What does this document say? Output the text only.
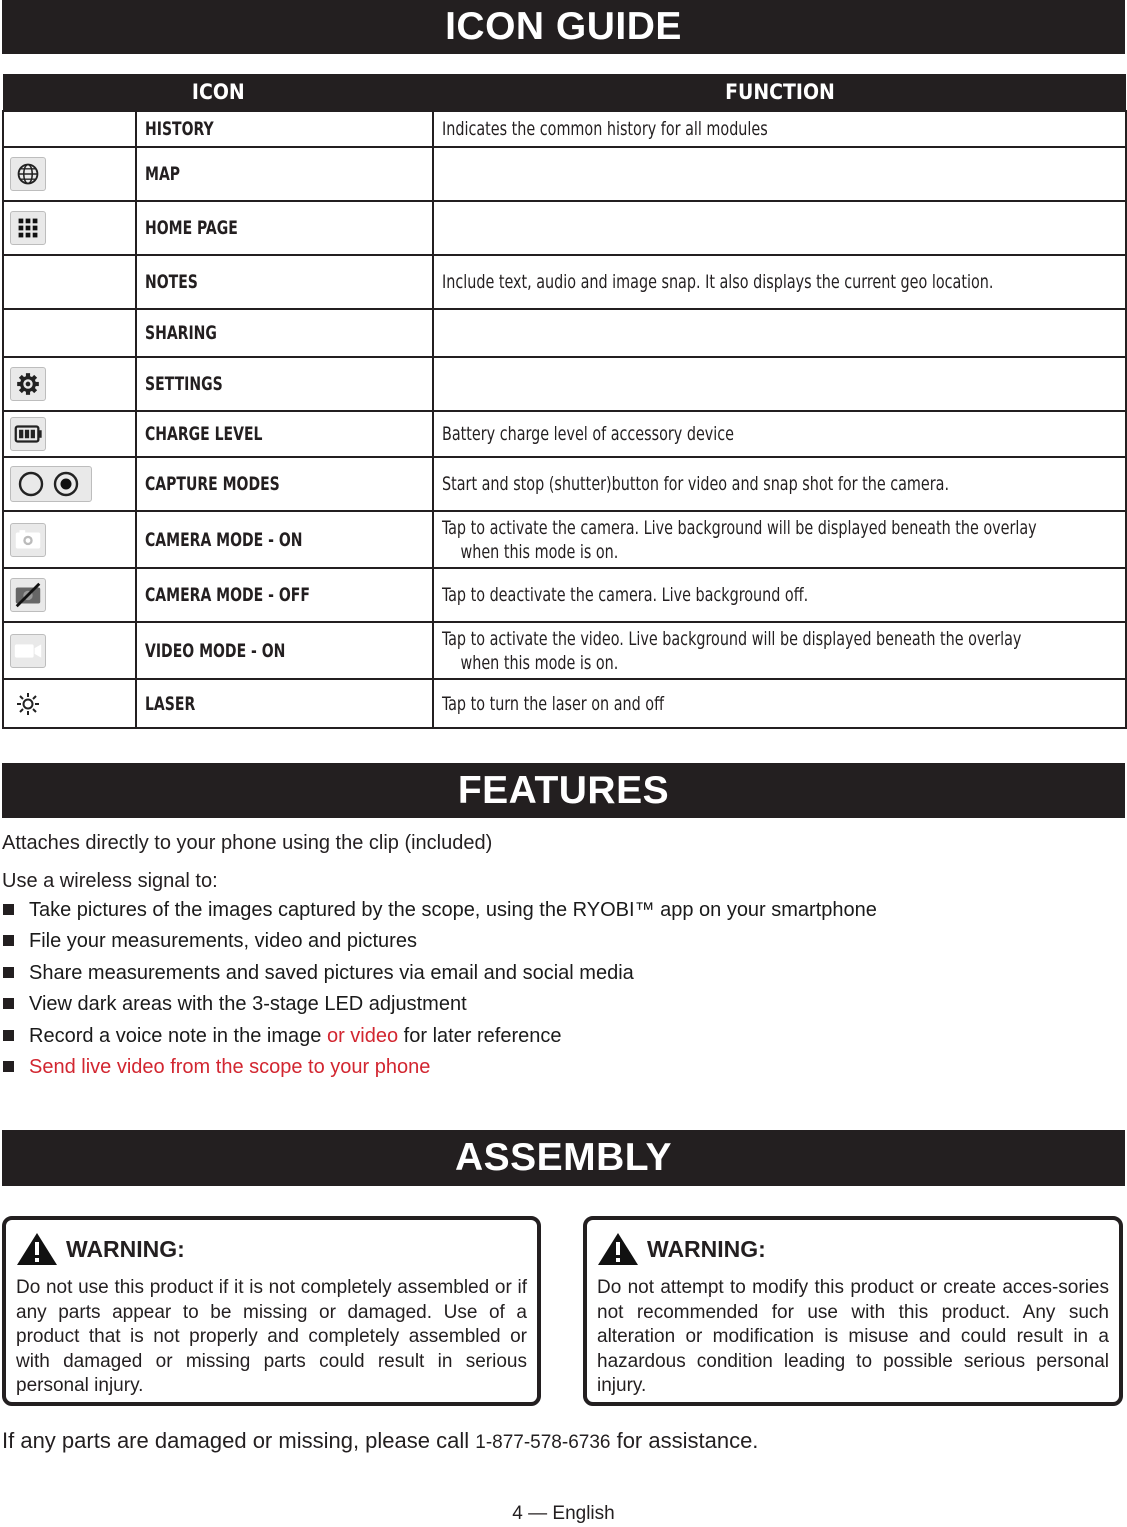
ICON GUIDE
ICON		FUNCTION
	HISTORY	Indicates the common history for all modules

	MAP	

	HOME PAGE	
	NOTES	Include text, audio and image snap. It also displays the current geo location.

	SHARING	

	SETTINGS	

	CHARGE LEVEL	Battery charge level of accessory device

	CAPTURE MODES	Start and stop (shutter)button for video and snap shot for the camera.

	CAMERA MODE - ON	Tap to activate the camera. Live background will be displayed beneath the overlay
when this mode is on.

	CAMERA MODE - OFF	Tap to deactivate the camera. Live background off.

	VIDEO MODE - ON	Tap to activate the video. Live background will be displayed beneath the overlay
when this mode is on.

	LASER	Tap to turn the laser on and off
FEATURES
Attaches directly to your phone using the clip (included)
Use a wireless signal to:
Take pictures of the images captured by the scope, using the RYOBI™ app on your smartphone
File your measurements, video and pictures
Share measurements and saved pictures via email and social media
View dark areas with the 3-stage LED adjustment
Record a voice note in the image or video for later reference
Send live video from the scope to your phone
ASSEMBLY
WARNING:
Do not use this product if it is not completely assembled or if any parts appear to be missing or damaged. Use of a product that is not properly and completely assembled or with damaged or missing parts could result in serious personal injury.
WARNING:
Do not attempt to modify this product or create acces-sories not recommended for use with this product. Any such alteration or modification is misuse and could result in a hazardous condition leading to possible serious personal injury.
If any parts are damaged or missing, please call 1-877-578-6736 for assistance.
4 — English
